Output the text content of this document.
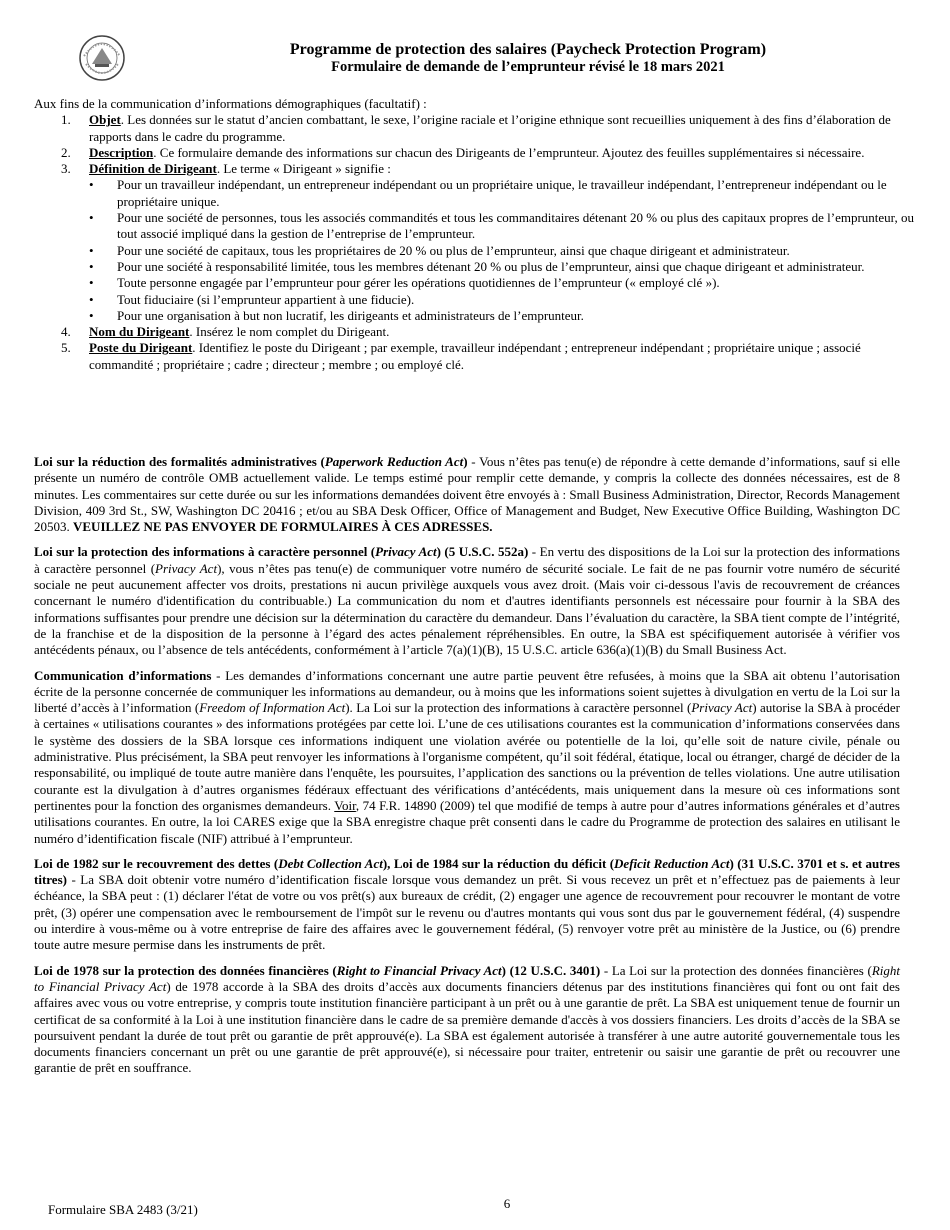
Programme de protection des salaires (Paycheck Protection Program)
Formulaire de demande de l’emprunteur révisé le 18 mars 2021
Aux fins de la communication d’informations démographiques (facultatif) :
1. Objet. Les données sur le statut d’ancien combattant, le sexe, l’origine raciale et l’origine ethnique sont recueillies uniquement à des fins d’élaboration de rapports dans le cadre du programme.
2. Description. Ce formulaire demande des informations sur chacun des Dirigeants de l’emprunteur. Ajoutez des feuilles supplémentaires si nécessaire.
3. Définition de Dirigeant. Le terme « Dirigeant » signifie :
• Pour un travailleur indépendant, un entrepreneur indépendant ou un propriétaire unique, le travailleur indépendant, l’entrepreneur indépendant ou le propriétaire unique.
• Pour une société de personnes, tous les associés commandités et tous les commanditaires détenant 20 % ou plus des capitaux propres de l’emprunteur, ou tout associé impliqué dans la gestion de l’entreprise de l’emprunteur.
• Pour une société de capitaux, tous les propriétaires de 20 % ou plus de l’emprunteur, ainsi que chaque dirigeant et administrateur.
• Pour une société à responsabilité limitée, tous les membres détenant 20 % ou plus de l’emprunteur, ainsi que chaque dirigeant et administrateur.
• Toute personne engagée par l’emprunteur pour gérer les opérations quotidiennes de l’emprunteur (« employé clé »).
• Tout fiduciaire (si l’emprunteur appartient à une fiducie).
• Pour une organisation à but non lucratif, les dirigeants et administrateurs de l’emprunteur.
4. Nom du Dirigeant. Insérez le nom complet du Dirigeant.
5. Poste du Dirigeant. Identifiez le poste du Dirigeant ; par exemple, travailleur indépendant ; entrepreneur indépendant ; propriétaire unique ; associé commandité ; propriétaire ; cadre ; directeur ; membre ; ou employé clé.

Loi sur la réduction des formalités administratives (Paperwork Reduction Act) - Vous n’êtes pas tenu(e) de répondre à cette demande d’informations, sauf si elle présente un numéro de contrôle OMB actuellement valide. Le temps estimé pour remplir cette demande, y compris la collecte des données nécessaires, est de 8 minutes. Les commentaires sur cette durée ou sur les informations demandées doivent être envoyés à : Small Business Administration, Director, Records Management Division, 409 3rd St., SW, Washington DC 20416 ; et/ou au SBA Desk Officer, Office of Management and Budget, New Executive Office Building, Washington DC 20503. VEUILLEZ NE PAS ENVOYER DE FORMULAIRES À CES ADRESSES.

Loi sur la protection des informations à caractère personnel (Privacy Act) (5 U.S.C. 552a) - En vertu des dispositions de la Loi sur la protection des informations à caractère personnel (Privacy Act), vous n’êtes pas tenu(e) de communiquer votre numéro de sécurité sociale. Le fait de ne pas fournir votre numéro de sécurité sociale ne peut aucunement affecter vos droits, prestations ni aucun privilège auxquels vous avez droit. (Mais voir ci-dessous l'avis de recouvrement de créances concernant le numéro d'identification du contribuable.) La communication du nom et d'autres identifiants personnels est nécessaire pour fournir à la SBA des informations suffisantes pour prendre une décision sur la détermination du caractère du demandeur. Dans l’évaluation du caractère, la SBA tient compte de l’intégrité, de la franchise et de la disposition de la personne à l’égard des actes pénalement répréhensibles. En outre, la SBA est spécifiquement autorisée à vérifier vos antécédents pénaux, ou l’absence de tels antécédents, conformément à l’article 7(a)(1)(B), 15 U.S.C. article 636(a)(1)(B) du Small Business Act.

Communication d’informations - Les demandes d’informations concernant une autre partie peuvent être refusées, à moins que la SBA ait obtenu l’autorisation écrite de la personne concernée de communiquer les informations au demandeur, ou à moins que les informations soient sujettes à divulgation en vertu de la Loi sur la liberté d’accès à l’information (Freedom of Information Act). La Loi sur la protection des informations à caractère personnel (Privacy Act) autorise la SBA à procéder à certaines « utilisations courantes » des informations protégées par cette loi. L’une de ces utilisations courantes est la communication d’informations conservées dans le système des dossiers de la SBA lorsque ces informations indiquent une violation avérée ou potentielle de la loi, qu’elle soit de nature civile, pénale ou administrative. Plus précisément, la SBA peut renvoyer les informations à l'organisme compétent, qu’il soit fédéral, étatique, local ou étranger, chargé de décider de la responsabilité, ou impliqué de toute autre manière dans l'enquête, les poursuites, l’application des sanctions ou la prévention de telles violations. Une autre utilisation courante est la divulgation à d’autres organismes fédéraux effectuant des vérifications d’antécédents, mais uniquement dans la mesure où ces informations sont pertinentes pour la fonction des organismes demandeurs. Voir, 74 F.R. 14890 (2009) tel que modifié de temps à autre pour d’autres informations générales et d’autres utilisations courantes. En outre, la loi CARES exige que la SBA enregistre chaque prêt consenti dans le cadre du Programme de protection des salaires en utilisant le numéro d’identification fiscale (NIF) attribué à l’emprunteur.

Loi de 1982 sur le recouvrement des dettes (Debt Collection Act), Loi de 1984 sur la réduction du déficit (Deficit Reduction Act) (31 U.S.C. 3701 et s. et autres titres) - La SBA doit obtenir votre numéro d’identification fiscale lorsque vous demandez un prêt. Si vous recevez un prêt et n’effectuez pas de paiements à leur échéance, la SBA peut : (1) déclarer l'état de votre ou vos prêt(s) aux bureaux de crédit, (2) engager une agence de recouvrement pour recouvrer le montant de votre prêt, (3) opérer une compensation avec le remboursement de l'impôt sur le revenu ou d'autres montants qui vous sont dus par le gouvernement fédéral, (4) suspendre ou interdire à vous-même ou à votre entreprise de faire des affaires avec le gouvernement fédéral, (5) renvoyer votre prêt au ministère de la Justice, ou (6) prendre toute autre mesure permise dans les instruments de prêt.

Loi de 1978 sur la protection des données financières (Right to Financial Privacy Act) (12 U.S.C. 3401) - La Loi sur la protection des données financières (Right to Financial Privacy Act) de 1978 accorde à la SBA des droits d’accès aux documents financiers détenus par des institutions financières qui font ou ont fait des affaires avec vous ou votre entreprise, y compris toute institution financière participant à un prêt ou à une garantie de prêt. La SBA est uniquement tenue de fournir un certificat de sa conformité à la Loi à une institution financière dans le cadre de sa première demande d'accès à vos dossiers financiers. Les droits d’accès de la SBA se poursuivent pendant la durée de tout prêt ou garantie de prêt approuvé(e). La SBA est également autorisée à transférer à une autre autorité gouvernementale tous les documents financiers concernant un prêt ou une garantie de prêt approuvé(e), si nécessaire pour traiter, entretenir ou saisir une garantie de prêt ou recouvrer une garantie de prêt en souffrance.

Formulaire SBA 2483 (3/21)	6
